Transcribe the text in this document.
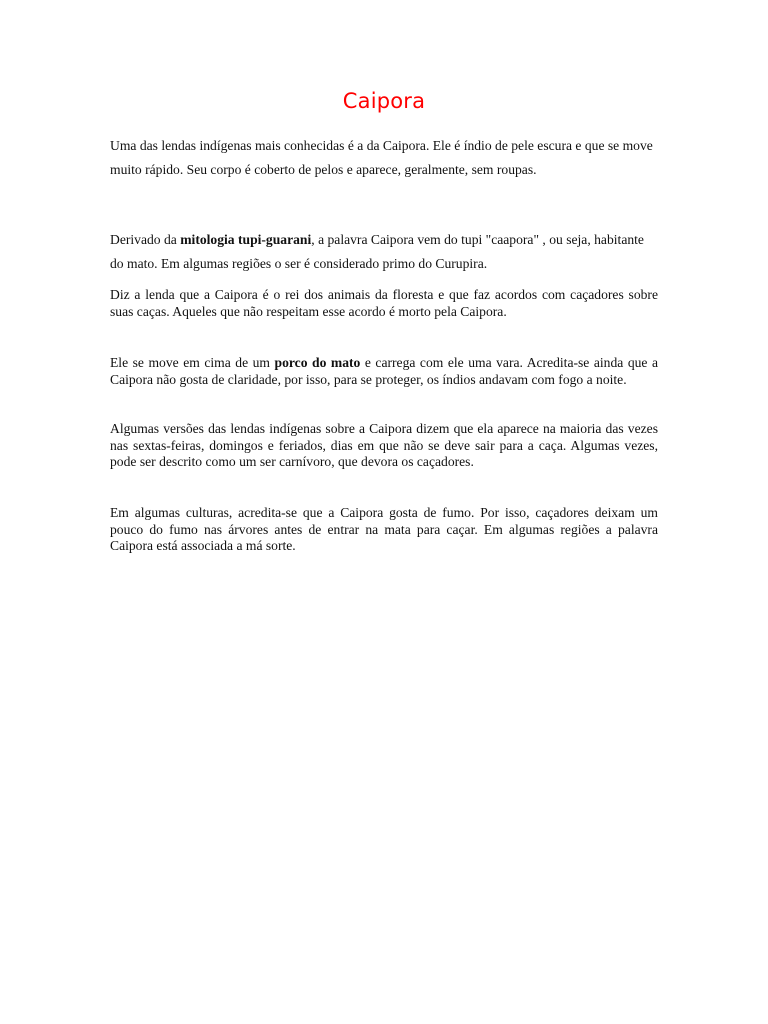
Caipora

Uma das lendas indígenas mais conhecidas é a da Caipora. Ele é índio de pele escura e que se move muito rápido. Seu corpo é coberto de pelos e aparece, geralmente, sem roupas.

Derivado da mitologia tupi-guarani, a palavra Caipora vem do tupi "caapora" , ou seja, habitante do mato. Em algumas regiões o ser é considerado primo do Curupira.

Diz a lenda que a Caipora é o rei dos animais da floresta e que faz acordos com caçadores sobre suas caças. Aqueles que não respeitam esse acordo é morto pela Caipora.

Ele se move em cima de um porco do mato e carrega com ele uma vara. Acredita-se ainda que a Caipora não gosta de claridade, por isso, para se proteger, os índios andavam com fogo a noite.

Algumas versões das lendas indígenas sobre a Caipora dizem que ela aparece na maioria das vezes nas sextas-feiras, domingos e feriados, dias em que não se deve sair para a caça. Algumas vezes, pode ser descrito como um ser carnívoro, que devora os caçadores.

Em algumas culturas, acredita-se que a Caipora gosta de fumo. Por isso, caçadores deixam um pouco do fumo nas árvores antes de entrar na mata para caçar. Em algumas regiões a palavra Caipora está associada a má sorte.
